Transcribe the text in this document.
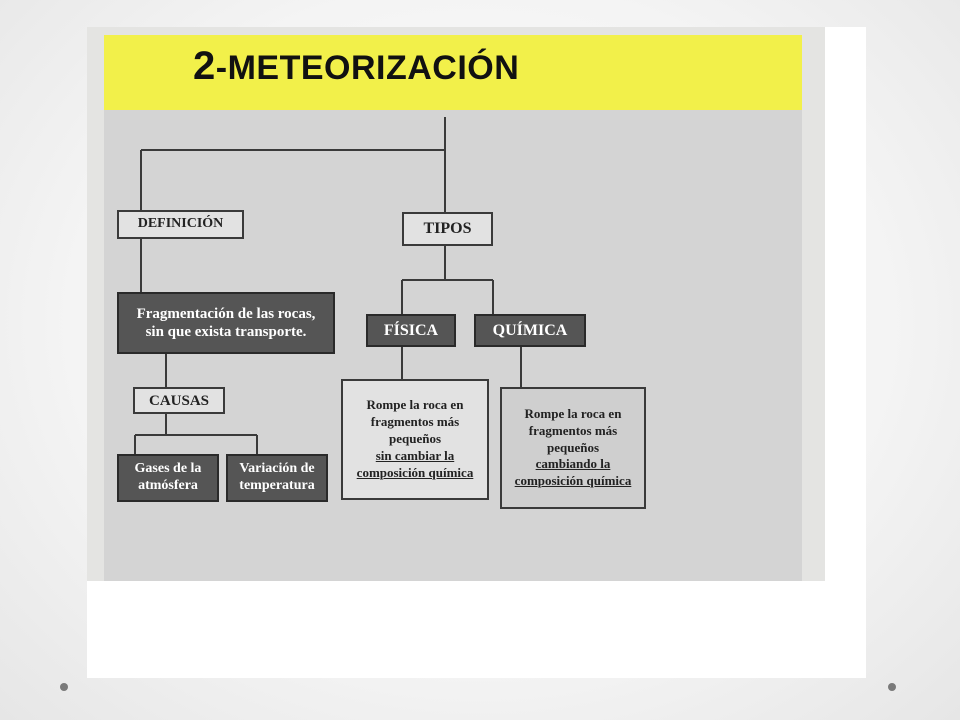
2-METEORIZACIÓN
DEFINICIÓN	TIPOS
Fragmentación de las rocas,
sin que exista transporte.
CAUSAS
Gases de la
atmósfera
Variación de
temperatura
FÍSICA	QUÍMICA
Rompe la roca en
fragmentos más
pequeños
sin cambiar la
composición química
Rompe la roca en
fragmentos más
pequeños
cambiando la
composición química
